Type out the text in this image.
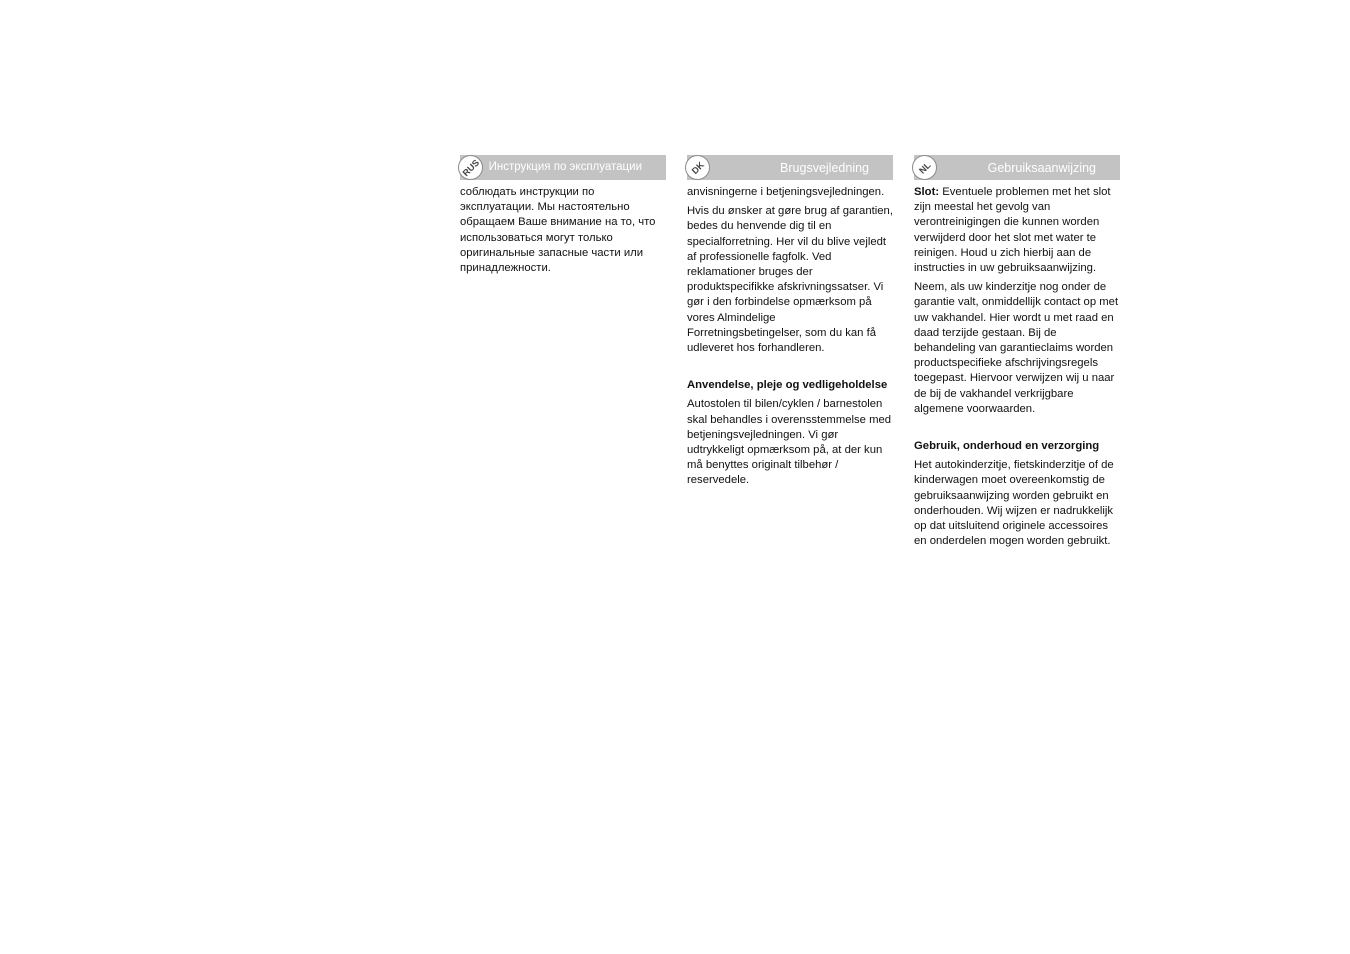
RUS Инструкция по эксплуатации

соблюдать инструкции по эксплуатации. Мы настоятельно обращаем Ваше внимание на то, что использоваться могут только оригинальные запасные части или принадлежности.

DK	Brugsvejledning

anvisningerne i betjeningsvejledningen.

Hvis du ønsker at gøre brug af garantien, bedes du henvende dig til en specialforretning. Her vil du blive vejledt af professionelle fagfolk. Ved reklamationer bruges der produktspecifikke afskrivningssatser. Vi gør i den forbindelse opmærksom på vores Almindelige Forretningsbetingelser, som du kan få udleveret hos forhandleren.

Anvendelse, pleje og vedligeholdelse

Autostolen til bilen/cyklen / barnestolen skal behandles i overensstemmelse med betjeningsvejledningen. Vi gør udtrykkeligt opmærksom på, at der kun må benyttes originalt tilbehør / reservedele.

NL	Gebruiksaanwijzing

Slot: Eventuele problemen met het slot zijn meestal het gevolg van verontreinigingen die kunnen worden verwijderd door het slot met water te reinigen. Houd u zich hierbij aan de instructies in uw gebruiksaanwijzing.

Neem, als uw kinderzitje nog onder de garantie valt, onmiddellijk contact op met uw vakhandel. Hier wordt u met raad en daad terzijde gestaan. Bij de behandeling van garantieclaims worden productspecifieke afschrijvingsregels toegepast. Hiervoor verwijzen wij u naar de bij de vakhandel verkrijgbare algemene voorwaarden.

Gebruik, onderhoud en verzorging

Het autokinderzitje, fietskinderzitje of de kinderwagen moet overeenkomstig de gebruiksaanwijzing worden gebruikt en onderhouden. Wij wijzen er nadrukkelijk op dat uitsluitend originele accessoires en onderdelen mogen worden gebruikt.
